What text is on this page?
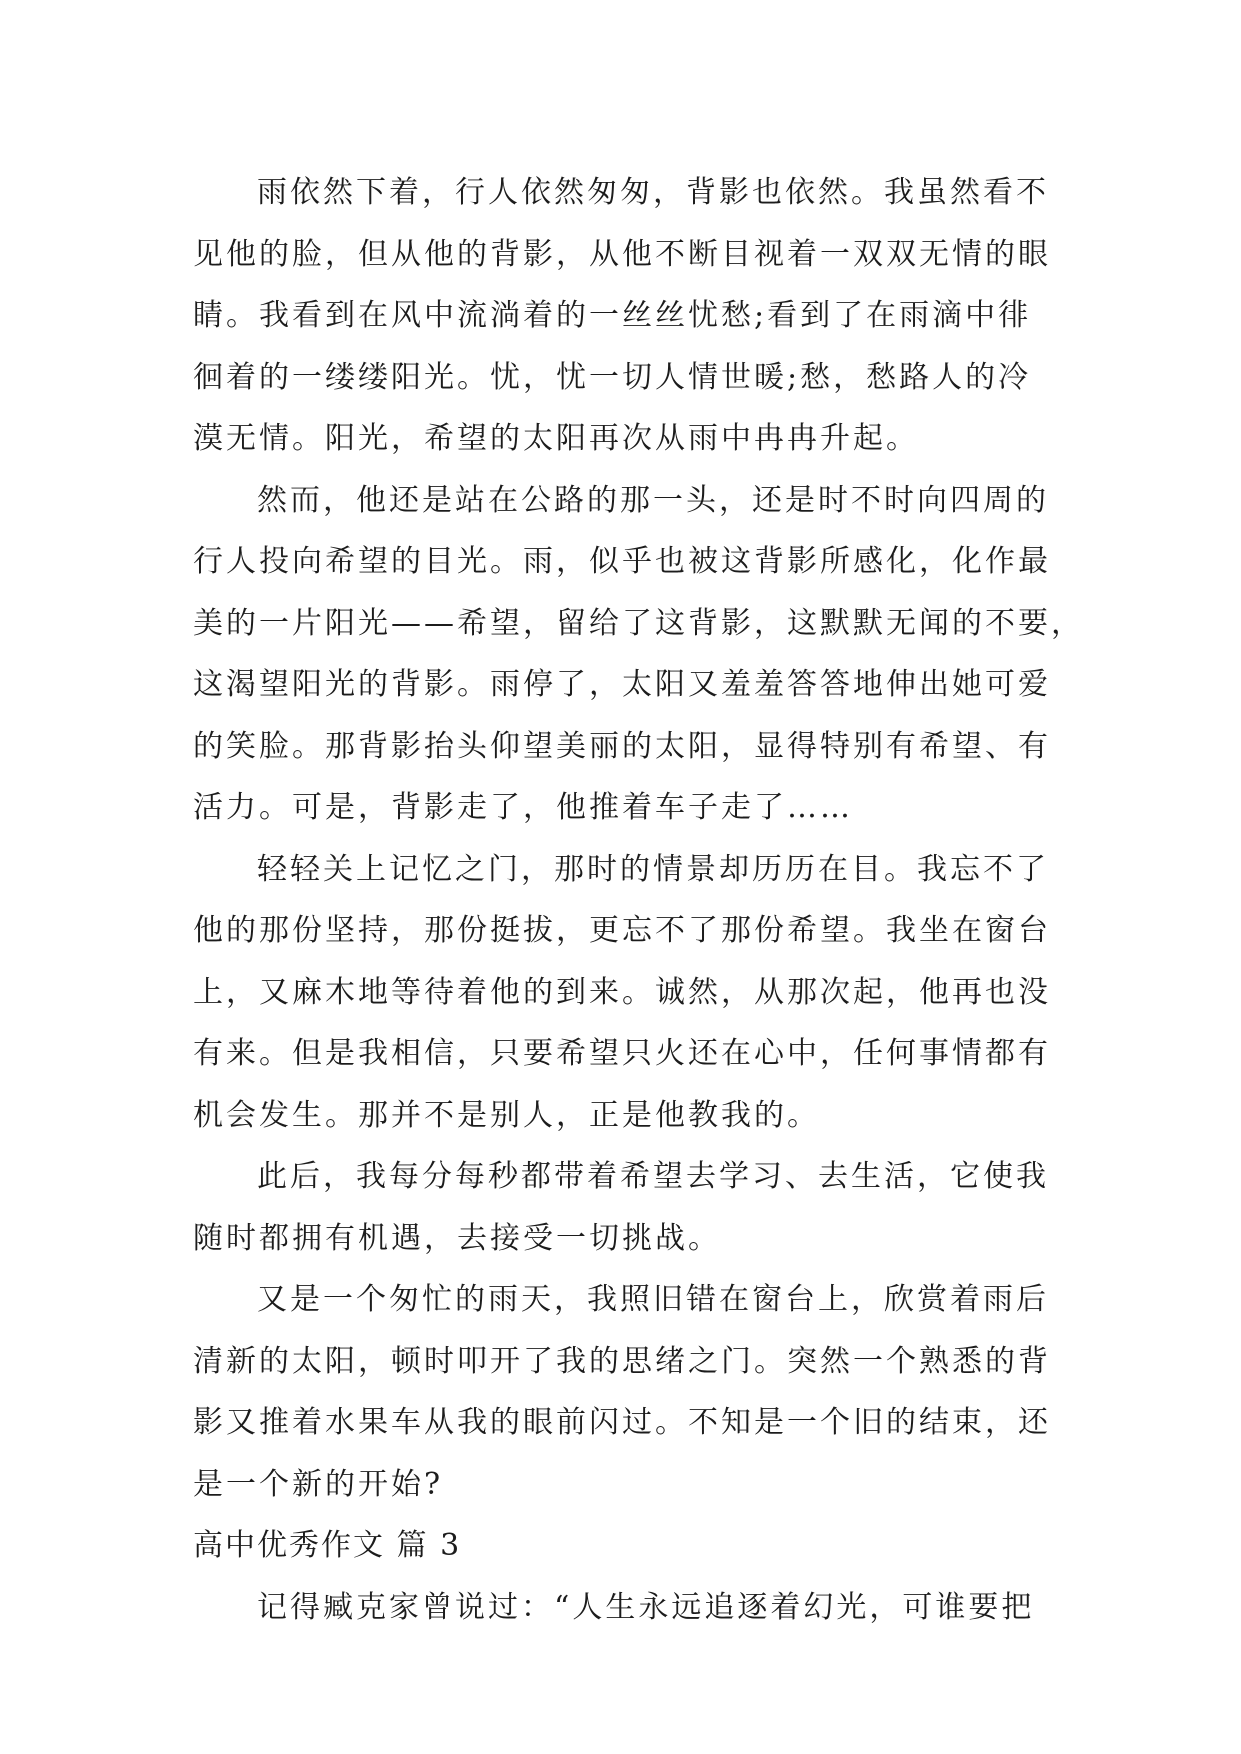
雨依然下着，行人依然匆匆，背影也依然。我虽然看不
见他的脸，但从他的背影，从他不断目视着一双双无情的眼
睛。我看到在风中流淌着的一丝丝忧愁;看到了在雨滴中徘
徊着的一缕缕阳光。忧，忧一切人情世暖;愁，愁路人的冷
漠无情。阳光，希望的太阳再次从雨中冉冉升起。
然而，他还是站在公路的那一头，还是时不时向四周的
行人投向希望的目光。雨，似乎也被这背影所感化，化作最
美的一片阳光——希望，留给了这背影，这默默无闻的不要，
这渴望阳光的背影。雨停了，太阳又羞羞答答地伸出她可爱
的笑脸。那背影抬头仰望美丽的太阳，显得特别有希望、有
活力。可是，背影走了，他推着车子走了……
轻轻关上记忆之门，那时的情景却历历在目。我忘不了
他的那份坚持，那份挺拔，更忘不了那份希望。我坐在窗台
上，又麻木地等待着他的到来。诚然，从那次起，他再也没
有来。但是我相信，只要希望只火还在心中，任何事情都有
机会发生。那并不是别人，正是他教我的。
此后，我每分每秒都带着希望去学习、去生活，它使我
随时都拥有机遇，去接受一切挑战。
又是一个匆忙的雨天，我照旧错在窗台上，欣赏着雨后
清新的太阳，顿时叩开了我的思绪之门。突然一个熟悉的背
影又推着水果车从我的眼前闪过。不知是一个旧的结束，还
是一个新的开始?
高中优秀作文 篇 3
记得臧克家曾说过：“人生永远追逐着幻光，可谁要把
